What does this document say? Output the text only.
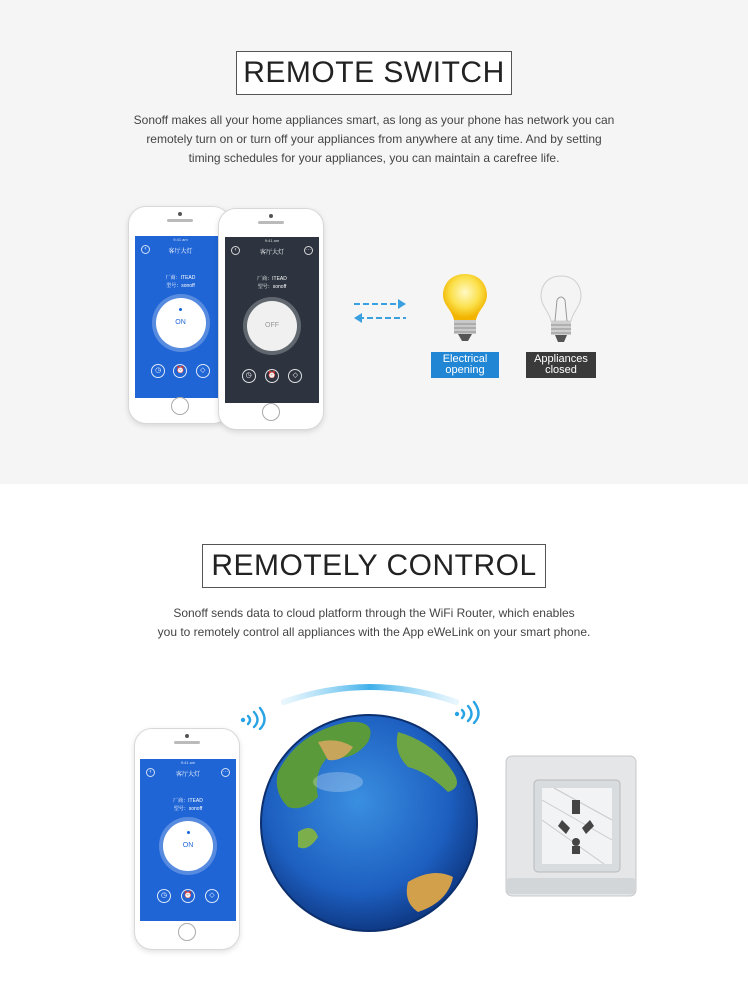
REMOTE SWITCH
Sonoff makes all your home appliances smart, as long as your phone has network you can
remotely turn on or turn off your appliances from anywhere at any time. And by setting
timing schedules for your appliances, you can maintain a carefree life.
9:41 am
‹	客厅大灯
厂商：ITEAD
型号：sonoff
ON
◷	⏰	◇
9:41 am
‹	···
客厅大灯
厂商：ITEAD
型号：sonoff
OFF
◷	⏰	◇
Electrical
opening
Appliances
closed
REMOTELY CONTROL
Sonoff sends data to cloud platform through the WiFi Router, which enables
you to remotely control all appliances with the App eWeLink on your smart phone.
9:41 am
‹	···
客厅大灯
厂商：ITEAD
型号：sonoff
ON
◷	⏰	◇
